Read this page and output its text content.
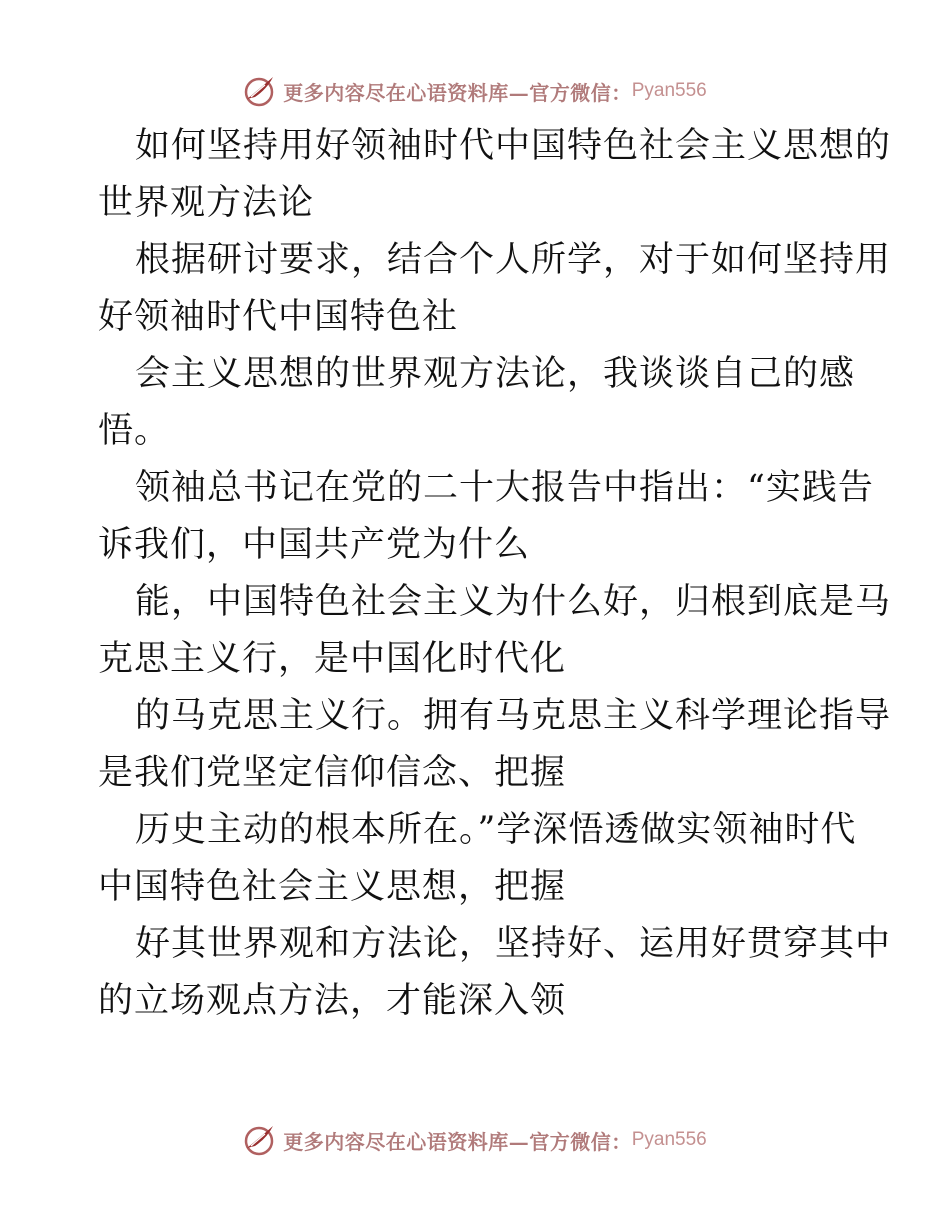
更多内容尽在心语资料库—官方微信： Pyan556
如何坚持用好领袖时代中国特色社会主义思想的
世界观方法论
根据研讨要求，结合个人所学，对于如何坚持用
好领袖时代中国特色社
会主义思想的世界观方法论，我谈谈自己的感
悟。
领袖总书记在党的二十大报告中指出：“实践告
诉我们，中国共产党为什么
能，中国特色社会主义为什么好，归根到底是马
克思主义行，是中国化时代化
的马克思主义行。拥有马克思主义科学理论指导
是我们党坚定信仰信念、把握
历史主动的根本所在。”学深悟透做实领袖时代
中国特色社会主义思想，把握
好其世界观和方法论，坚持好、运用好贯穿其中
的立场观点方法，才能深入领
更多内容尽在心语资料库—官方微信： Pyan556
